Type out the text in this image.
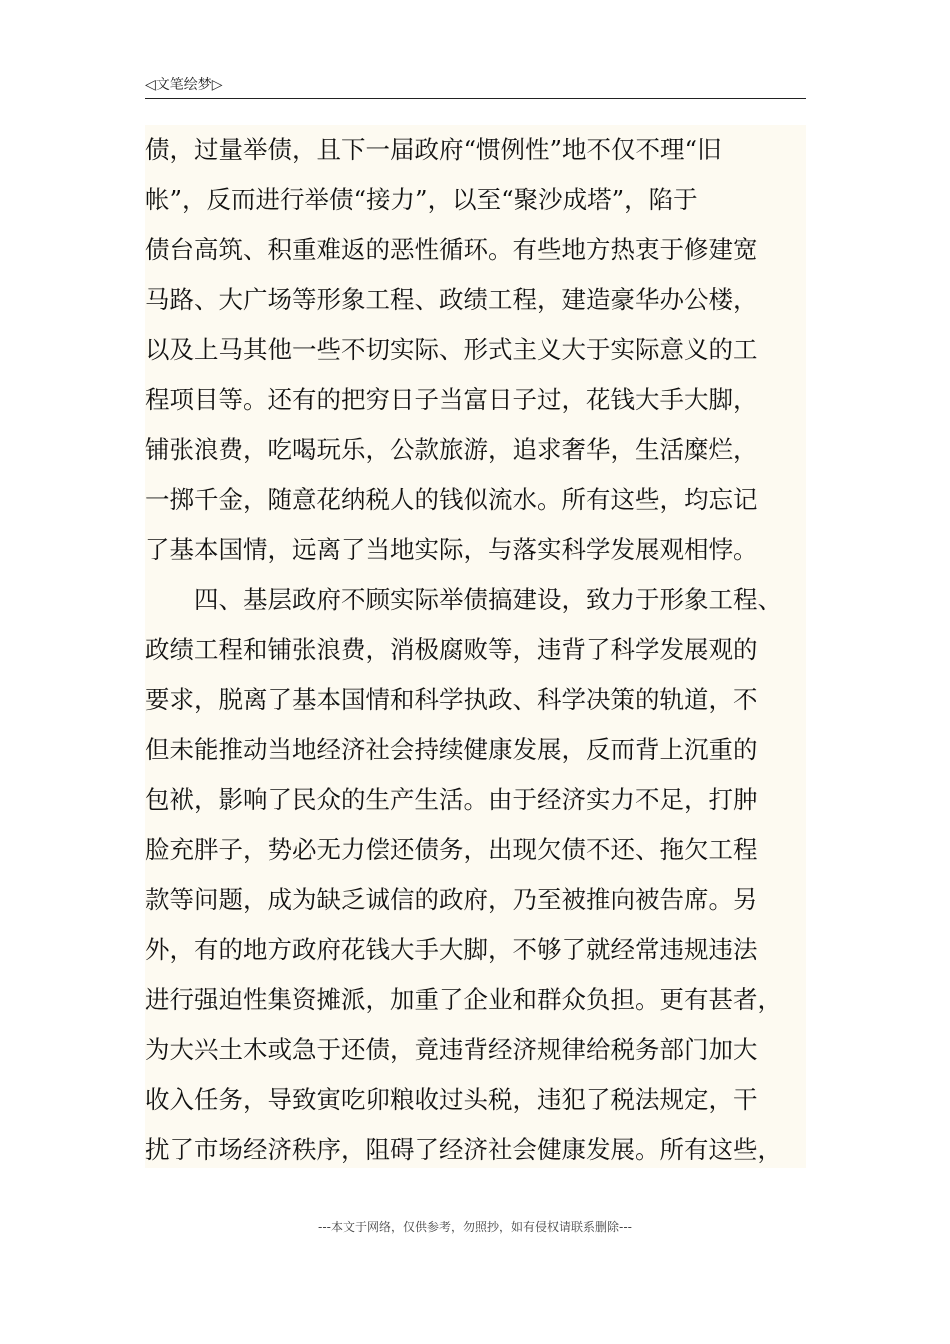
◁文笔绘梦▷
债，过量举债，且下一届政府“惯例性”地不仅不理“旧
帐”，反而进行举债“接力”，以至“聚沙成塔”，陷于
债台高筑、积重难返的恶性循环。有些地方热衷于修建宽
马路、大广场等形象工程、政绩工程，建造豪华办公楼，
以及上马其他一些不切实际、形式主义大于实际意义的工
程项目等。还有的把穷日子当富日子过，花钱大手大脚，
铺张浪费，吃喝玩乐，公款旅游，追求奢华，生活糜烂，
一掷千金，随意花纳税人的钱似流水。所有这些，均忘记
了基本国情，远离了当地实际，与落实科学发展观相悖。
　　四、基层政府不顾实际举债搞建设，致力于形象工程、
政绩工程和铺张浪费，消极腐败等，违背了科学发展观的
要求，脱离了基本国情和科学执政、科学决策的轨道，不
但未能推动当地经济社会持续健康发展，反而背上沉重的
包袱，影响了民众的生产生活。由于经济实力不足，打肿
脸充胖子，势必无力偿还债务，出现欠债不还、拖欠工程
款等问题，成为缺乏诚信的政府，乃至被推向被告席。另
外，有的地方政府花钱大手大脚，不够了就经常违规违法
进行强迫性集资摊派，加重了企业和群众负担。更有甚者，
为大兴土木或急于还债，竟违背经济规律给税务部门加大
收入任务，导致寅吃卯粮收过头税，违犯了税法规定，干
扰了市场经济秩序，阻碍了经济社会健康发展。所有这些，
---本文于网络，仅供参考，勿照抄，如有侵权请联系删除---
